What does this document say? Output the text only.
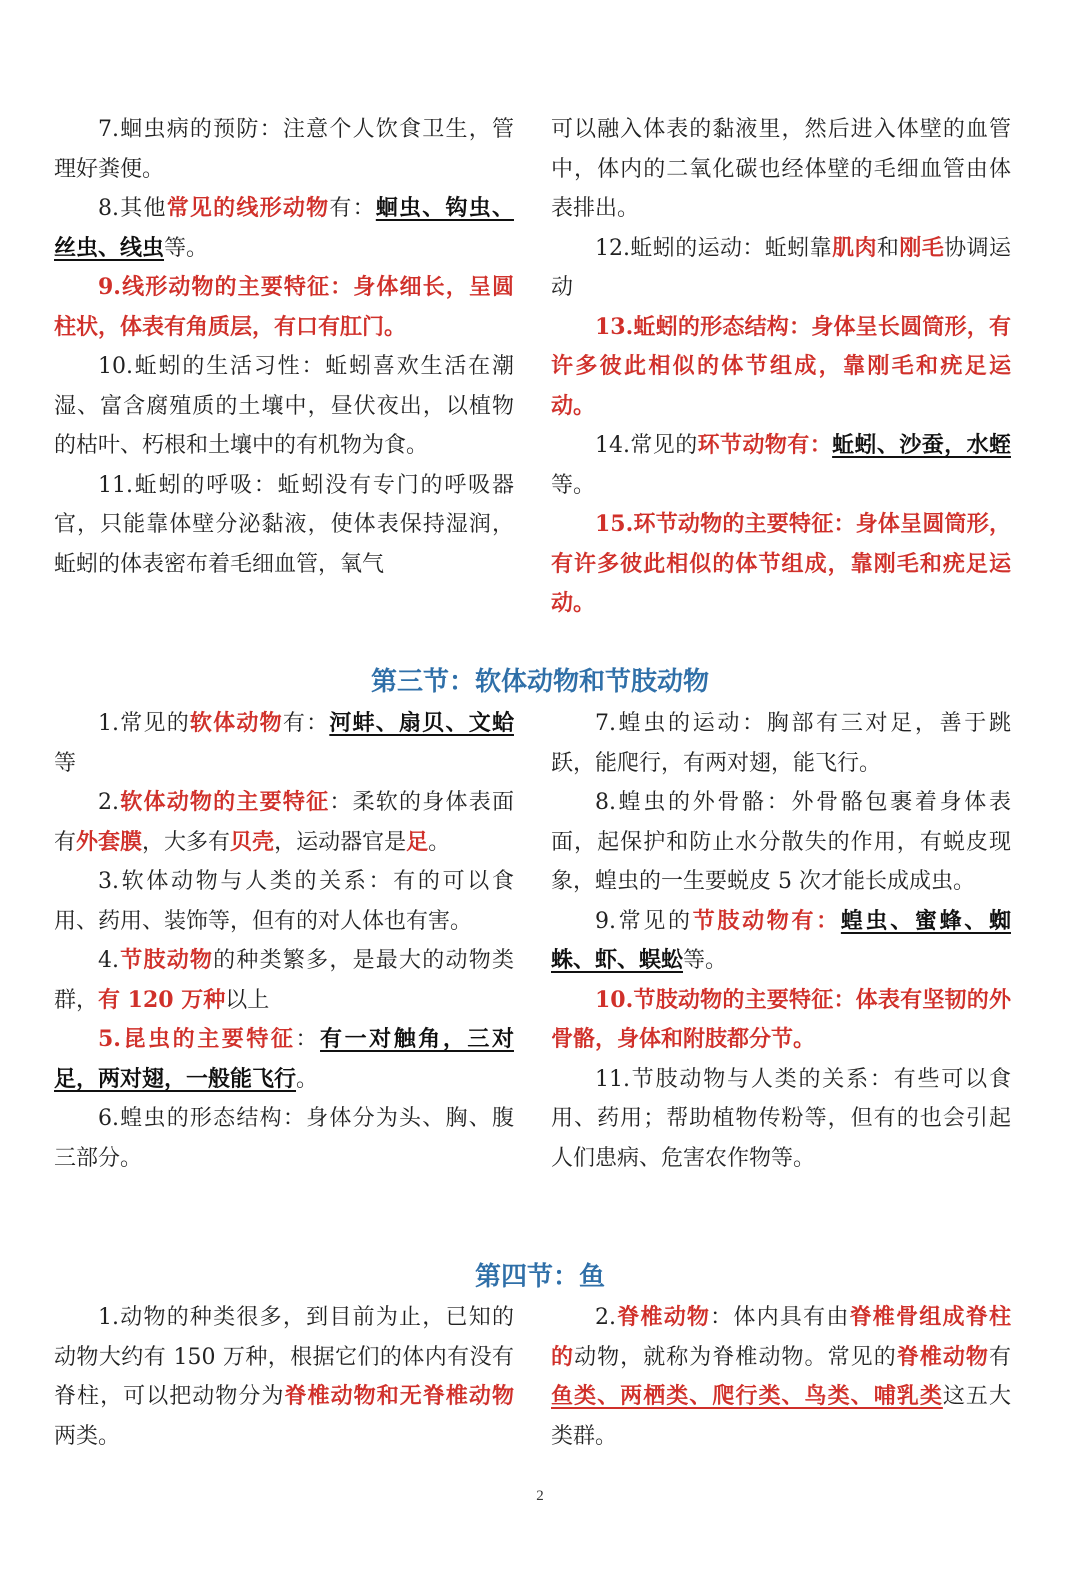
7.蛔虫病的预防：注意个人饮食卫生，管理好粪便。

8.其他常见的线形动物有：蛔虫、钩虫、丝虫、线虫等。

9.线形动物的主要特征：身体细长，呈圆柱状，体表有角质层，有口有肛门。

10.蚯蚓的生活习性：蚯蚓喜欢生活在潮湿、富含腐殖质的土壤中，昼伏夜出，以植物的枯叶、朽根和土壤中的有机物为食。

11.蚯蚓的呼吸：蚯蚓没有专门的呼吸器官，只能靠体壁分泌黏液，使体表保持湿润，蚯蚓的体表密布着毛细血管，氧气

可以融入体表的黏液里，然后进入体壁的血管中，体内的二氧化碳也经体壁的毛细血管由体表排出。

12.蚯蚓的运动：蚯蚓靠肌肉和刚毛协调运动

13.蚯蚓的形态结构：身体呈长圆筒形，有许多彼此相似的体节组成，靠刚毛和疣足运动。

14.常见的环节动物有：蚯蚓、沙蚕，水蛭等。

15.环节动物的主要特征：身体呈圆筒形，有许多彼此相似的体节组成，靠刚毛和疣足运动。

第三节：软体动物和节肢动物

1.常见的软体动物有：河蚌、扇贝、文蛤等

2.软体动物的主要特征：柔软的身体表面有外套膜，大多有贝壳，运动器官是足。

3.软体动物与人类的关系：有的可以食用、药用、装饰等，但有的对人体也有害。

4.节肢动物的种类繁多，是最大的动物类群，有 120 万种以上

5.昆虫的主要特征：有一对触角，三对足，两对翅，一般能飞行。

6.蝗虫的形态结构：身体分为头、胸、腹三部分。

7.蝗虫的运动：胸部有三对足，善于跳跃，能爬行，有两对翅，能飞行。

8.蝗虫的外骨骼：外骨骼包裹着身体表面，起保护和防止水分散失的作用，有蜕皮现象，蝗虫的一生要蜕皮 5 次才能长成成虫。

9.常见的节肢动物有：蝗虫、蜜蜂、蜘蛛、虾、蜈蚣等。

10.节肢动物的主要特征：体表有坚韧的外骨骼，身体和附肢都分节。

11.节肢动物与人类的关系：有些可以食用、药用；帮助植物传粉等，但有的也会引起人们患病、危害农作物等。

第四节：鱼

1.动物的种类很多，到目前为止，已知的动物大约有 150 万种，根据它们的体内有没有脊柱，可以把动物分为脊椎动物和无脊椎动物两类。

2.脊椎动物：体内具有由脊椎骨组成脊柱的动物，就称为脊椎动物。常见的脊椎动物有鱼类、两栖类、爬行类、鸟类、哺乳类这五大类群。

2
